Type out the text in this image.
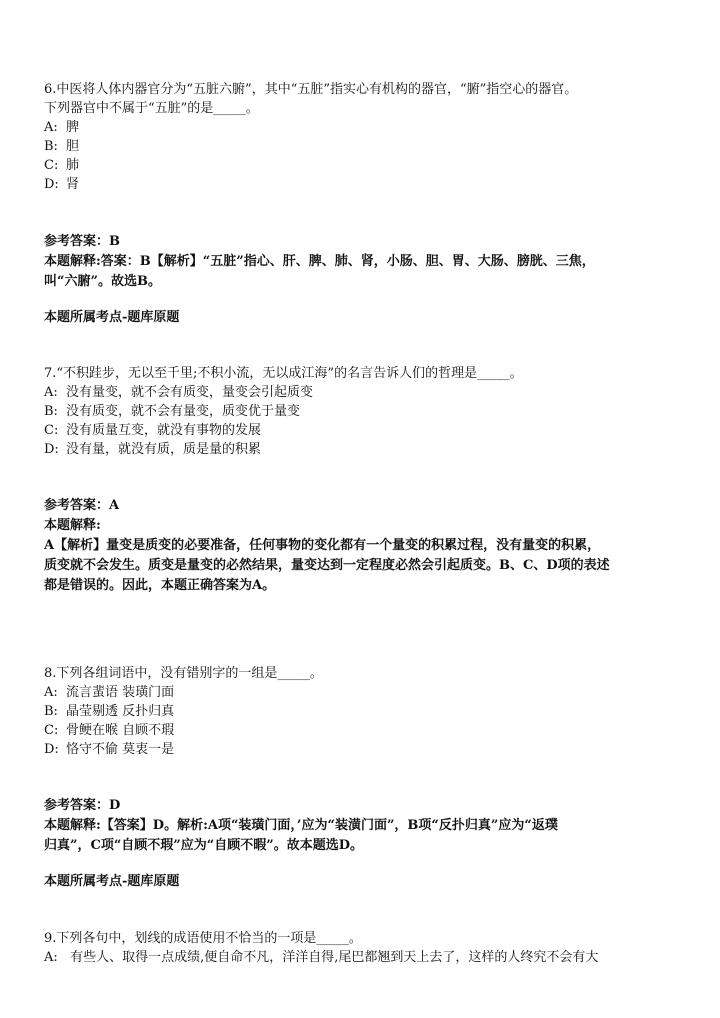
6.中医将人体内器官分为“五脏六腑”，其中“五脏”指实心有机构的器官，“腑”指空心的器官。
下列器官中不属于“五脏”的是_____。
A: 脾
B: 胆
C: 肺
D: 肾
参考答案：B
本题解释:答案：B【解析】“五脏”指心、肝、脾、肺、肾，小肠、胆、胃、大肠、膀胱、三焦，
叫“六腑”。故选B。
本题所属考点-题库原题
7.“不积跬步，无以至千里;不积小流，无以成江海”的名言告诉人们的哲理是_____。
A: 没有量变，就不会有质变，量变会引起质变
B: 没有质变，就不会有量变，质变优于量变
C: 没有质量互变，就没有事物的发展
D: 没有量，就没有质，质是量的积累
参考答案：A
本题解释:
A【解析】量变是质变的必要准备，任何事物的变化都有一个量变的积累过程，没有量变的积累，
质变就不会发生。质变是量变的必然结果，量变达到一定程度必然会引起质变。B、C、D项的表述
都是错误的。因此，本题正确答案为A。
8.下列各组词语中，没有错别字的一组是_____。
A: 流言蜚语 装璜门面
B: 晶莹剔透 反扑归真
C: 骨鲠在喉 自顾不瑕
D: 恪守不偷 莫衷一是
参考答案：D
本题解释:【答案】D。解析:A项“装璜门面，’应为“装潢门面”，B项“反扑归真”应为“返璞
归真”，C项“自顾不瑕”应为“自顾不暇”。故本题选D。
本题所属考点-题库原题
9.下列各句中，划线的成语使用不恰当的一项是_____。
A: 有些人、取得一点成绩,便自命不凡，洋洋自得,尾巴都翘到天上去了，这样的人终究不会有大
